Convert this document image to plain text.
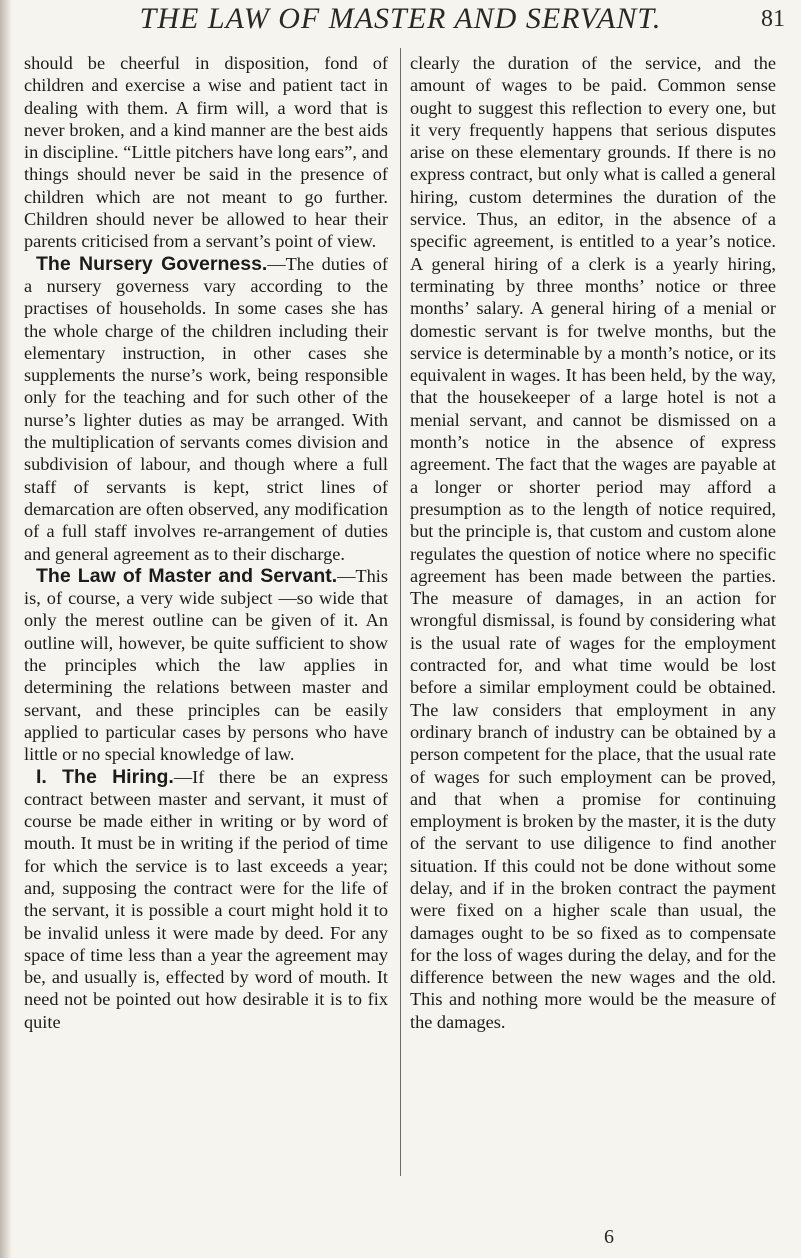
THE LAW OF MASTER AND SERVANT.	81

should be cheerful in disposition, fond of children and exercise a wise and patient tact in dealing with them. A firm will, a word that is never broken, and a kind manner are the best aids in discipline. “Little pitchers have long ears”, and things should never be said in the presence of children which are not meant to go further. Children should never be allowed to hear their parents criticised from a servant’s point of view.

The Nursery Governess.—The duties of a nursery governess vary according to the practises of households. In some cases she has the whole charge of the children including their elementary instruction, in other cases she supplements the nurse’s work, being responsible only for the teaching and for such other of the nurse’s lighter duties as may be arranged. With the multiplication of servants comes division and subdivision of labour, and though where a full staff of servants is kept, strict lines of demarcation are often observed, any modification of a full staff involves re-arrangement of duties and general agreement as to their discharge.

The Law of Master and Servant.—This is, of course, a very wide subject —so wide that only the merest outline can be given of it. An outline will, however, be quite sufficient to show the principles which the law applies in determining the relations between master and servant, and these principles can be easily applied to particular cases by persons who have little or no special knowledge of law.

I. The Hiring.—If there be an express contract between master and servant, it must of course be made either in writing or by word of mouth. It must be in writing if the period of time for which the service is to last exceeds a year; and, supposing the contract were for the life of the servant, it is possible a court might hold it to be invalid unless it were made by deed. For any space of time less than a year the agreement may be, and usually is, effected by word of mouth. It need not be pointed out how desirable it is to fix quite

clearly the duration of the service, and the amount of wages to be paid. Common sense ought to suggest this reflection to every one, but it very frequently happens that serious disputes arise on these elementary grounds. If there is no express contract, but only what is called a general hiring, custom determines the duration of the service. Thus, an editor, in the absence of a specific agreement, is entitled to a year’s notice. A general hiring of a clerk is a yearly hiring, terminating by three months’ notice or three months’ salary. A general hiring of a menial or domestic servant is for twelve months, but the service is determinable by a month’s notice, or its equivalent in wages. It has been held, by the way, that the housekeeper of a large hotel is not a menial servant, and cannot be dismissed on a month’s notice in the absence of express agreement. The fact that the wages are payable at a longer or shorter period may afford a presumption as to the length of notice required, but the principle is, that custom and custom alone regulates the question of notice where no specific agreement has been made between the parties. The measure of damages, in an action for wrongful dismissal, is found by considering what is the usual rate of wages for the employment contracted for, and what time would be lost before a similar employment could be obtained. The law considers that employment in any ordinary branch of industry can be obtained by a person competent for the place, that the usual rate of wages for such employment can be proved, and that when a promise for continuing employment is broken by the master, it is the duty of the servant to use diligence to find another situation. If this could not be done without some delay, and if in the broken contract the payment were fixed on a higher scale than usual, the damages ought to be so fixed as to compensate for the loss of wages during the delay, and for the difference between the new wages and the old. This and nothing more would be the measure of the damages.

6
